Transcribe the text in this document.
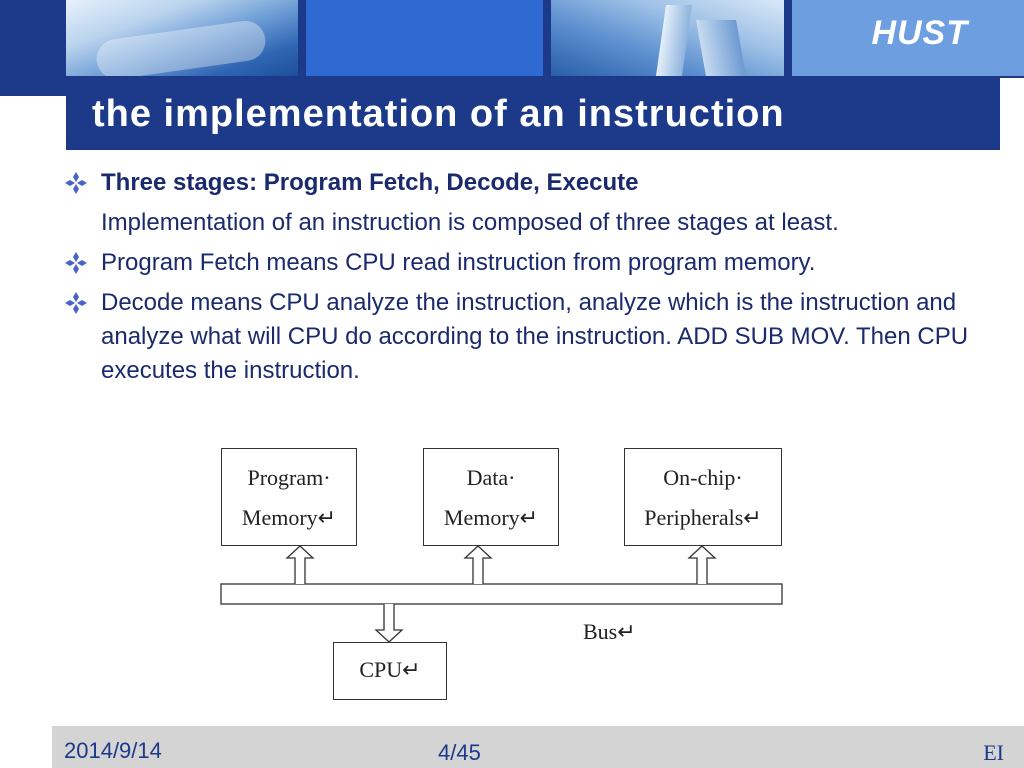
HUST
the implementation of an instruction
Three stages: Program Fetch, Decode, Execute
Implementation of an instruction is composed of three stages at least.
Program Fetch means CPU read instruction from program memory.
Decode means CPU analyze the instruction, analyze which is the instruction and analyze what will CPU do according to the instruction. ADD SUB MOV. Then CPU executes the instruction.
Program·
Memory↵
Data·
Memory↵
On-chip·
Peripherals↵
Bus↵
CPU↵
2014/9/14	4/45	EI
